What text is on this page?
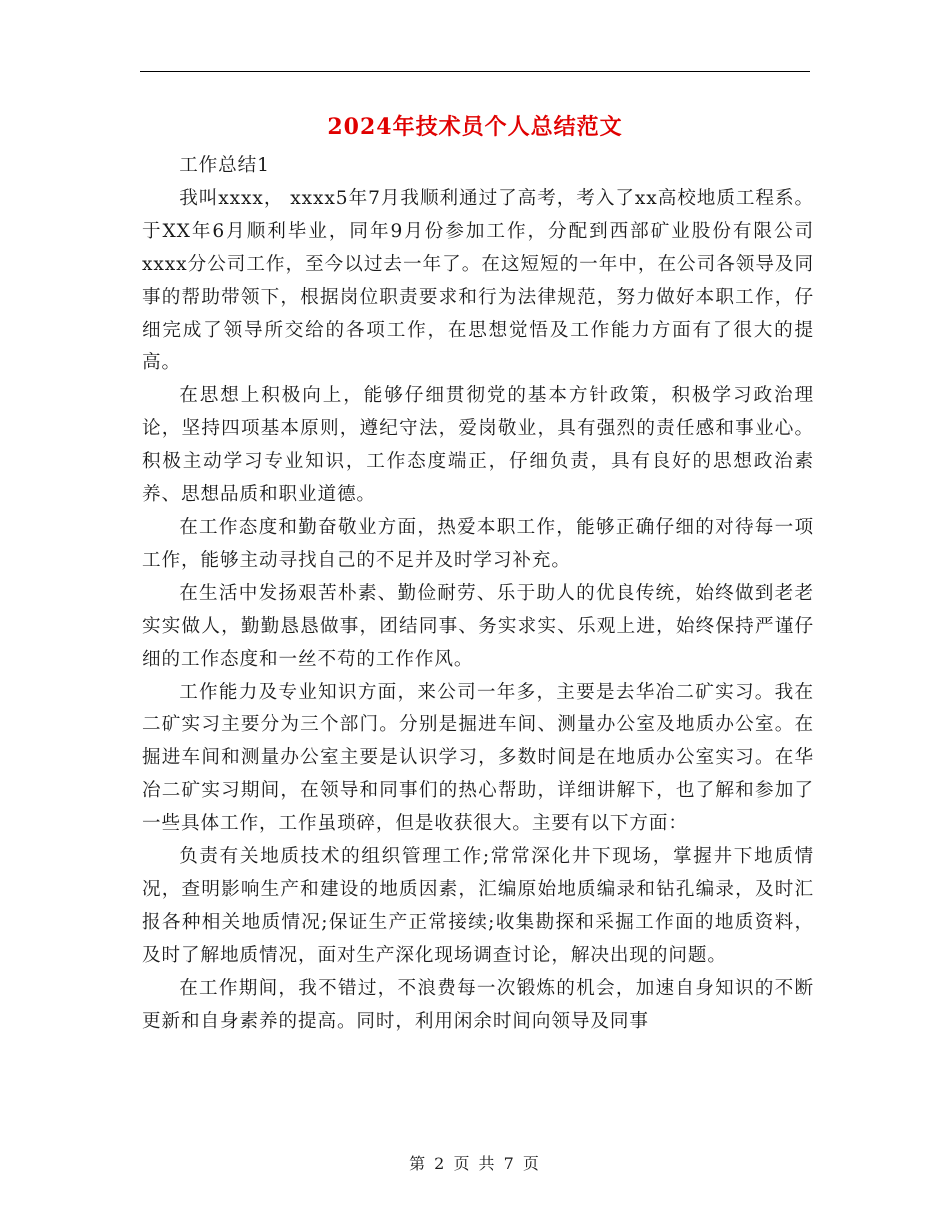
2024年技术员个人总结范文

工作总结1

我叫xxxx， xxxx5年7月我顺利通过了高考，考入了xx高校地质工程系。于XX年6月顺利毕业，同年9月份参加工作，分配到西部矿业股份有限公司xxxx分公司工作，至今以过去一年了。在这短短的一年中，在公司各领导及同事的帮助带领下，根据岗位职责要求和行为法律规范，努力做好本职工作，仔细完成了领导所交给的各项工作，在思想觉悟及工作能力方面有了很大的提高。

在思想上积极向上，能够仔细贯彻党的基本方针政策，积极学习政治理论，坚持四项基本原则，遵纪守法，爱岗敬业，具有强烈的责任感和事业心。积极主动学习专业知识，工作态度端正，仔细负责，具有良好的思想政治素养、思想品质和职业道德。

在工作态度和勤奋敬业方面，热爱本职工作，能够正确仔细的对待每一项工作，能够主动寻找自己的不足并及时学习补充。

在生活中发扬艰苦朴素、勤俭耐劳、乐于助人的优良传统，始终做到老老实实做人，勤勤恳恳做事，团结同事、务实求实、乐观上进，始终保持严谨仔细的工作态度和一丝不苟的工作作风。

工作能力及专业知识方面，来公司一年多，主要是去华冶二矿实习。我在二矿实习主要分为三个部门。分别是掘进车间、测量办公室及地质办公室。在掘进车间和测量办公室主要是认识学习，多数时间是在地质办公室实习。在华冶二矿实习期间，在领导和同事们的热心帮助，详细讲解下，也了解和参加了一些具体工作，工作虽琐碎，但是收获很大。主要有以下方面：

负责有关地质技术的组织管理工作;常常深化井下现场，掌握井下地质情况，查明影响生产和建设的地质因素，汇编原始地质编录和钻孔编录，及时汇报各种相关地质情况;保证生产正常接续;收集勘探和采掘工作面的地质资料，及时了解地质情况，面对生产深化现场调查讨论，解决出现的问题。

在工作期间，我不错过，不浪费每一次锻炼的机会，加速自身知识的不断更新和自身素养的提高。同时，利用闲余时间向领导及同事

第 2 页 共 7 页
